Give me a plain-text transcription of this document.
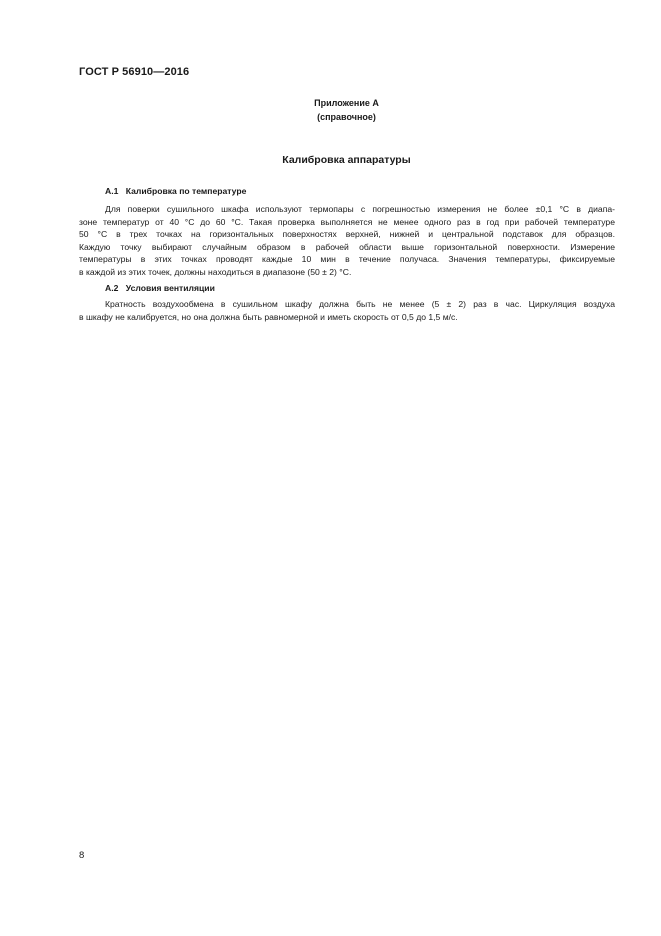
ГОСТ Р 56910—2016
Приложение А
(справочное)
Калибровка аппаратуры
А.1 Калибровка по температуре
Для поверки сушильного шкафа используют термопары с погрешностью измерения не более ±0,1 °С в диапа-
зоне температур от 40 °С до 60 °С. Такая проверка выполняется не менее одного раз в год при рабочей температуре
50 °С в трех точках на горизонтальных поверхностях верхней, нижней и центральной подставок для образцов.
Каждую точку выбирают случайным образом в рабочей области выше горизонтальной поверхности. Измерение
температуры в этих точках проводят каждые 10 мин в течение получаса. Значения температуры, фиксируемые
в каждой из этих точек, должны находиться в диапазоне (50 ± 2) °С.
А.2 Условия вентиляции
Кратность воздухообмена в сушильном шкафу должна быть не менее (5 ± 2) раз в час. Циркуляция воздуха
в шкафу не калибруется, но она должна быть равномерной и иметь скорость от 0,5 до 1,5 м/с.
8
